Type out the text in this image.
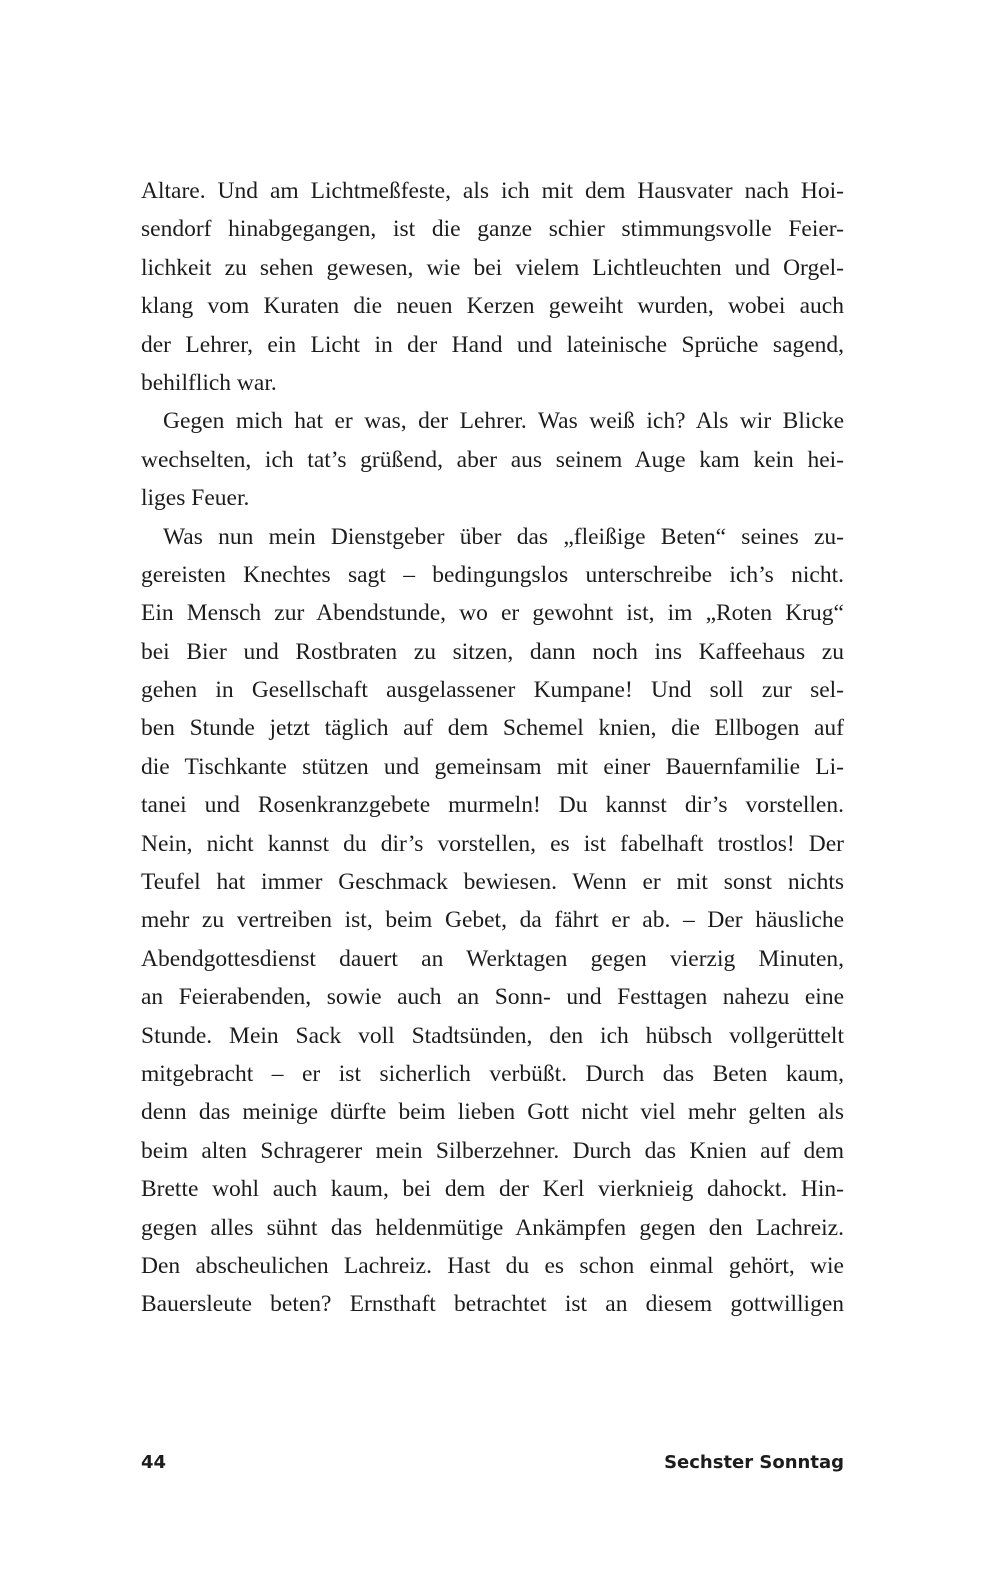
Altare. Und am Lichtmeßfeste, als ich mit dem Hausvater nach Hoi-
sendorf hinabgegangen, ist die ganze schier stimmungsvolle Feier-
lichkeit zu sehen gewesen, wie bei vielem Lichtleuchten und Orgel-
klang vom Kuraten die neuen Kerzen geweiht wurden, wobei auch
der Lehrer, ein Licht in der Hand und lateinische Sprüche sagend,
behilflich war.
Gegen mich hat er was, der Lehrer. Was weiß ich? Als wir Blicke
wechselten, ich tat’s grüßend, aber aus seinem Auge kam kein hei-
liges Feuer.
Was nun mein Dienstgeber über das „fleißige Beten“ seines zu-
gereisten Knechtes sagt – bedingungslos unterschreibe ich’s nicht.
Ein Mensch zur Abendstunde, wo er gewohnt ist, im „Roten Krug“
bei Bier und Rostbraten zu sitzen, dann noch ins Kaffeehaus zu
gehen in Gesellschaft ausgelassener Kumpane! Und soll zur sel-
ben Stunde jetzt täglich auf dem Schemel knien, die Ellbogen auf
die Tischkante stützen und gemeinsam mit einer Bauernfamilie Li-
tanei und Rosenkranzgebete murmeln! Du kannst dir’s vorstellen.
Nein, nicht kannst du dir’s vorstellen, es ist fabelhaft trostlos! Der
Teufel hat immer Geschmack bewiesen. Wenn er mit sonst nichts
mehr zu vertreiben ist, beim Gebet, da fährt er ab. – Der häusliche
Abendgottesdienst dauert an Werktagen gegen vierzig Minuten,
an Feierabenden, sowie auch an Sonn- und Festtagen nahezu eine
Stunde. Mein Sack voll Stadtsünden, den ich hübsch vollgerüttelt
mitgebracht – er ist sicherlich verbüßt. Durch das Beten kaum,
denn das meinige dürfte beim lieben Gott nicht viel mehr gelten als
beim alten Schragerer mein Silberzehner. Durch das Knien auf dem
Brette wohl auch kaum, bei dem der Kerl vierknieig dahockt. Hin-
gegen alles sühnt das heldenmütige Ankämpfen gegen den Lachreiz.
Den abscheulichen Lachreiz. Hast du es schon einmal gehört, wie
Bauersleute beten? Ernsthaft betrachtet ist an diesem gottwilligen
44	Sechster Sonntag
